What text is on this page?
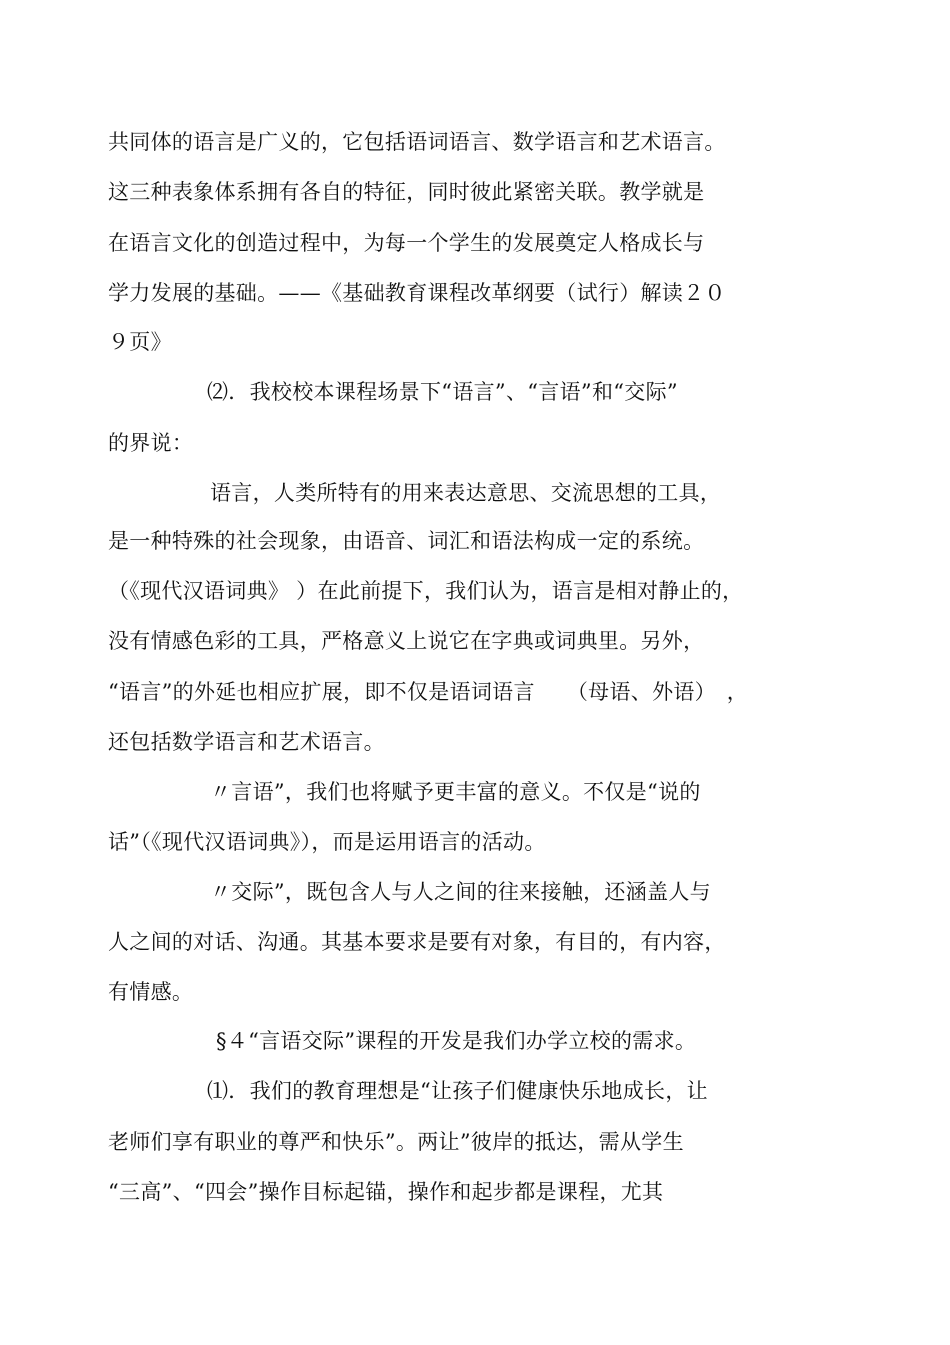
共同体的语言是广义的，它包括语词语言、数学语言和艺术语言。
这三种表象体系拥有各自的特征，同时彼此紧密关联。教学就是
在语言文化的创造过程中，为每一个学生的发展奠定人格成长与
学力发展的基础。——《基础教育课程改革纲要（试行）解读２０
９页》
⑵．我校校本课程场景下“语言”、“言语”和“交际”
的界说：
语言，人类所特有的用来表达意思、交流思想的工具，
是一种特殊的社会现象，由语音、词汇和语法构成一定的系统。
（《现代汉语词典》 ）在此前提下，我们认为，语言是相对静止的，
没有情感色彩的工具，严格意义上说它在字典或词典里。另外，
“语言”的外延也相应扩展，即不仅是语词语言　　（母语、外语）　，
还包括数学语言和艺术语言。
〃言语”，我们也将赋予更丰富的意义。不仅是“说的
话”（《现代汉语词典》），而是运用语言的活动。
〃交际”，既包含人与人之间的往来接触，还涵盖人与
人之间的对话、沟通。其基本要求是要有对象，有目的，有内容，
有情感。
§４“言语交际”课程的开发是我们办学立校的需求。
⑴．我们的教育理想是“让孩子们健康快乐地成长，让
老师们享有职业的尊严和快乐”。两让”彼岸的抵达，需从学生
“三高”、“四会”操作目标起锚，操作和起步都是课程，尤其
